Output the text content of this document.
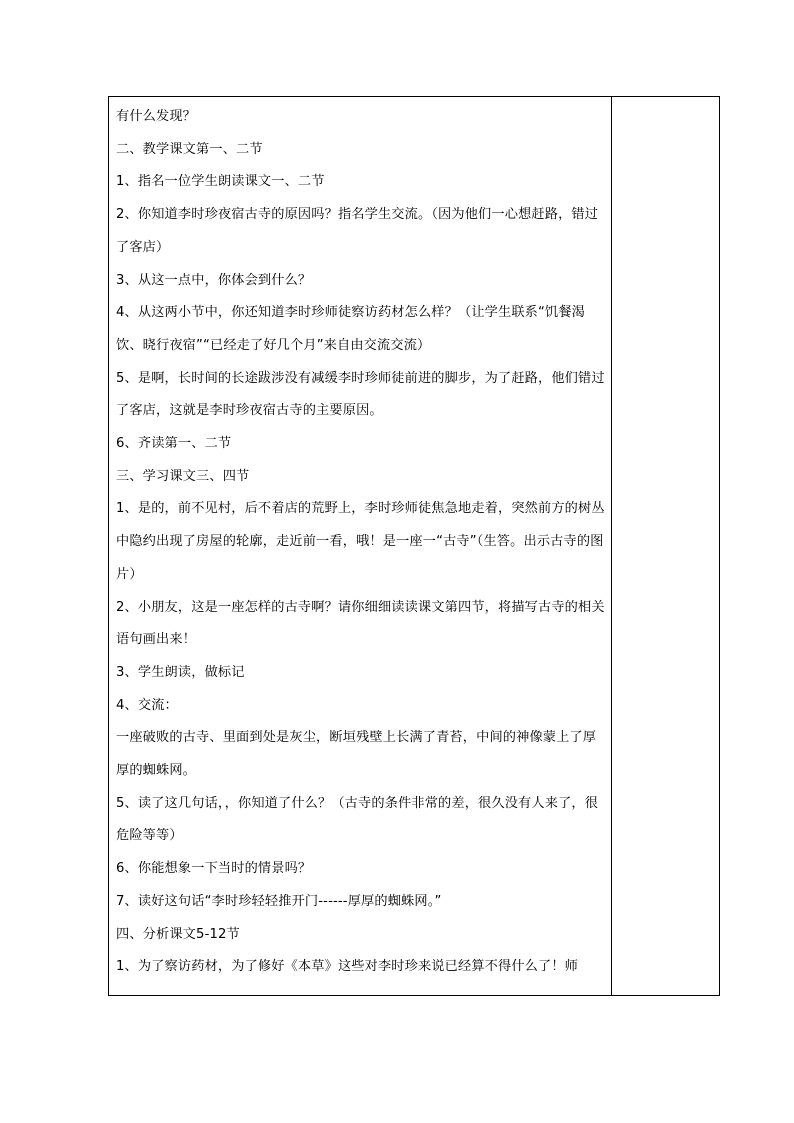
有什么发现？

二、教学课文第一、二节

1、指名一位学生朗读课文一、二节

2、你知道李时珍夜宿古寺的原因吗？指名学生交流。（因为他们一心想赶路，错过了客店）

3、从这一点中，你体会到什么？

4、从这两小节中，你还知道李时珍师徒察访药材怎么样？（让学生联系“饥餐渴饮、晓行夜宿”“已经走了好几个月”来自由交流交流）

5、是啊，长时间的长途跋涉没有减缓李时珍师徒前进的脚步，为了赶路，他们错过了客店，这就是李时珍夜宿古寺的主要原因。

6、齐读第一、二节

三、学习课文三、四节

1、是的，前不见村，后不着店的荒野上，李时珍师徒焦急地走着，突然前方的树丛中隐约出现了房屋的轮廓，走近前一看，哦！是一座一“古寺”（生答。出示古寺的图片）

2、小朋友，这是一座怎样的古寺啊？请你细细读读课文第四节，将描写古寺的相关语句画出来！

3、学生朗读，做标记

4、交流：

一座破败的古寺、里面到处是灰尘，断垣残壁上长满了青苔，中间的神像蒙上了厚厚的蜘蛛网。

5、读了这几句话，，你知道了什么？（古寺的条件非常的差，很久没有人来了，很危险等等）

6、你能想象一下当时的情景吗？

7、读好这句话“李时珍轻轻推开门------厚厚的蜘蛛网。”

四、分析课文5-12节

1、为了察访药材，为了修好《本草》这些对李时珍来说已经算不得什么了！师
